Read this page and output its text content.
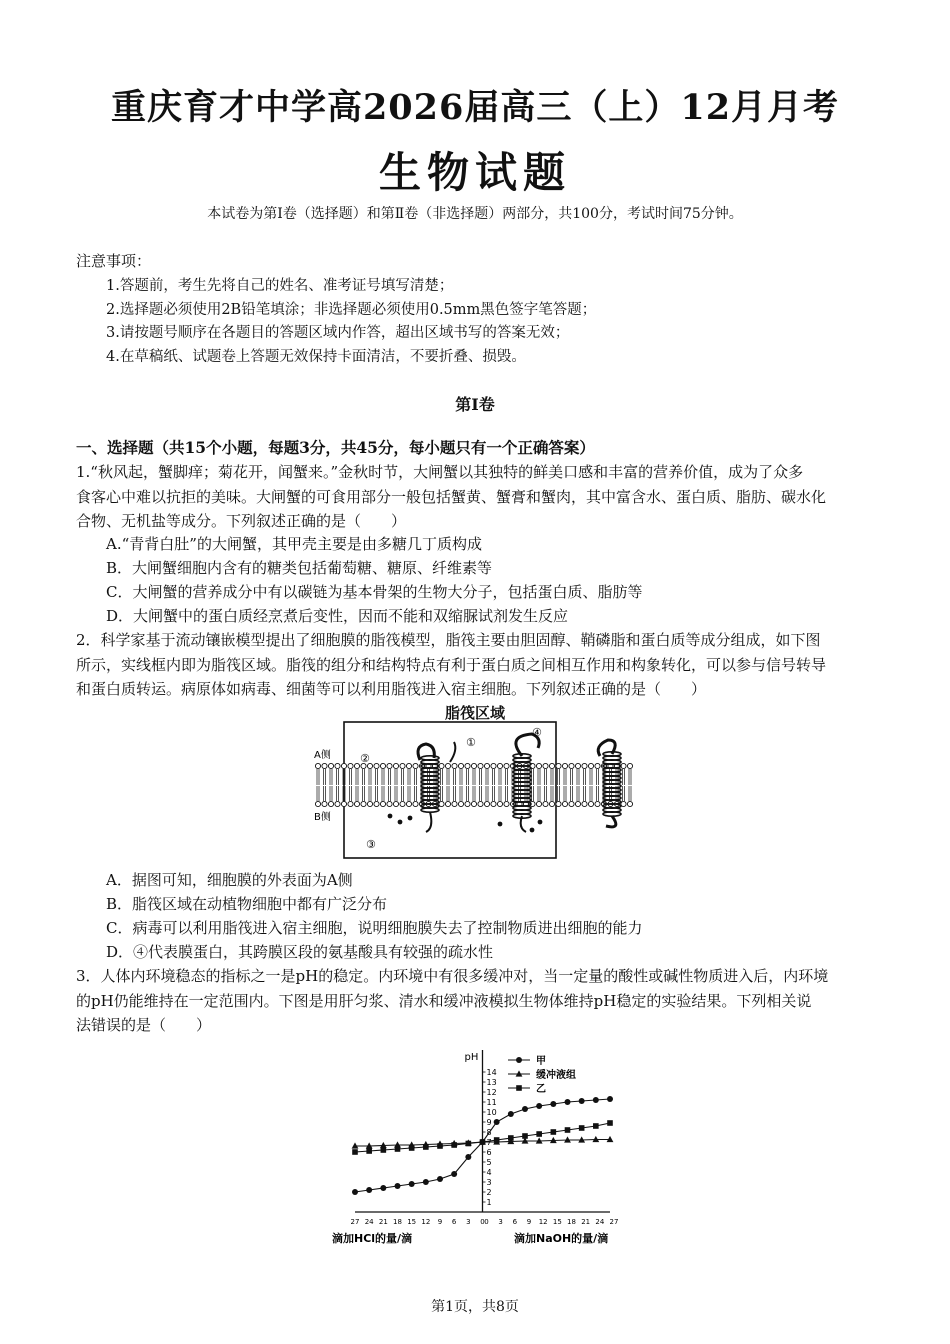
重庆育才中学高2026届高三（上）12月月考
生物试题
本试卷为第Ⅰ卷（选择题）和第Ⅱ卷（非选择题）两部分，共100分，考试时间75分钟。
注意事项：
1.答题前，考生先将自己的姓名、准考证号填写清楚；
2.选择题必须使用2B铅笔填涂；非选择题必须使用0.5mm黑色签字笔答题；
3.请按题号顺序在各题目的答题区域内作答，超出区域书写的答案无效；
4.在草稿纸、试题卷上答题无效保持卡面清洁，不要折叠、损毁。
第Ⅰ卷
一、选择题（共15个小题，每题3分，共45分，每小题只有一个正确答案）
1.“秋风起，蟹脚痒；菊花开，闻蟹来。”金秋时节，大闸蟹以其独特的鲜美口感和丰富的营养价值，成为了众多
食客心中难以抗拒的美味。大闸蟹的可食用部分一般包括蟹黄、蟹膏和蟹肉，其中富含水、蛋白质、脂肪、碳水化
合物、无机盐等成分。下列叙述正确的是（　　）
A.“青背白肚”的大闸蟹，其甲壳主要是由多糖几丁质构成
B．大闸蟹细胞内含有的糖类包括葡萄糖、糖原、纤维素等
C．大闸蟹的营养成分中有以碳链为基本骨架的生物大分子，包括蛋白质、脂肪等
D．大闸蟹中的蛋白质经烹煮后变性，因而不能和双缩脲试剂发生反应
2．科学家基于流动镶嵌模型提出了细胞膜的脂筏模型，脂筏主要由胆固醇、鞘磷脂和蛋白质等成分组成，如下图
所示，实线框内即为脂筏区域。脂筏的组分和结构特点有利于蛋白质之间相互作用和构象转化，可以参与信号转导
和蛋白质转运。病原体如病毒、细菌等可以利用脂筏进入宿主细胞。下列叙述正确的是（　　）
脂筏区域
A侧
B侧
②
①
④
③
A．据图可知，细胞膜的外表面为A侧
B．脂筏区域在动植物细胞中都有广泛分布
C．病毒可以利用脂筏进入宿主细胞，说明细胞膜失去了控制物质进出细胞的能力
D．④代表膜蛋白，其跨膜区段的氨基酸具有较强的疏水性
3．人体内环境稳态的指标之一是pH的稳定。内环境中有很多缓冲对，当一定量的酸性或碱性物质进入后，内环境
的pH仍能维持在一定范围内。下图是用肝匀浆、清水和缓冲液模拟生物体维持pH稳定的实验结果。下列相关说
法错误的是（　　）
pH
1
2
3
4
5
6
7
8
9
10
11
12
13
14
27 24 21 18 15 12 9 6 3 0 0 3 6 9 12 15 18 21 24 27
滴加HCl的量/滴	滴加NaOH的量/滴
甲
缓冲液组
乙
第1页，共8页
